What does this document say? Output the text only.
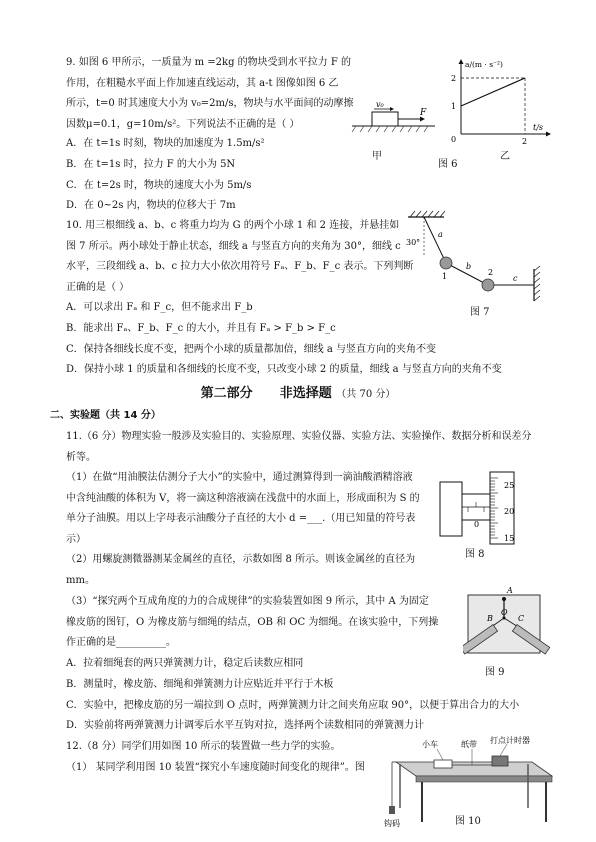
9. 如图 6 甲所示，一质量为 m =2kg 的物块受到水平拉力 F 的
作用，在粗糙水平面上作加速直线运动，其 a-t 图像如图 6 乙
所示，t=0 时其速度大小为 v₀=2m/s，物块与水平面间的动摩擦
因数μ=0.1，g=10m/s²。下列说法不正确的是（ ）
A．在 t=1s 时刻，物块的加速度为 1.5m/s²
B．在 t=1s 时，拉力 F 的大小为 5N
C．在 t=2s 时，物块的速度大小为 5m/s
D．在 0~2s 内，物块的位移大于 7m
v₀
F
甲
图 6
乙
a/(m · s⁻²)
t/s
2
1
0	2
10. 用三根细线 a、b、c 将重力均为 G 的两个小球 1 和 2 连接，并悬挂如
图 7 所示。两小球处于静止状态，细线 a 与竖直方向的夹角为 30°，细线 c
水平，三段细线 a、b、c 拉力大小依次用符号 Fₐ、F_b、F_c 表示。下列判断
正确的是（ ）
A．可以求出 Fₐ 和 F_c，但不能求出 F_b
B．能求出 Fₐ、F_b、F_c 的大小，并且有 Fₐ > F_b > F_c
C．保持各细线长度不变，把两个小球的质量都加倍，细线 a 与竖直方向的夹角不变
D．保持小球 1 的质量和各细线的长度不变，只改变小球 2 的质量，细线 a 与竖直方向的夹角不变
30°
a
b
c
1	2
图 7
第二部分      非选择题 （共 70 分）
二、实验题（共 14 分）
11.（6 分）物理实验一般涉及实验目的、实验原理、实验仪器、实验方法、实验操作、数据分析和误差分
析等。
（1）在做“用油膜法估测分子大小”的实验中，通过测算得到一滴油酸酒精溶液
中含纯油酸的体积为 V，将一滴这种溶液滴在浅盘中的水面上，形成面积为 S 的
单分子油膜。用以上字母表示油酸分子直径的大小 d =___.（用已知量的符号表
示）
（2）用螺旋测微器测某金属丝的直径，示数如图 8 所示。则该金属丝的直径为
mm。
（3）“探究两个互成角度的力的合成规律”的实验装置如图 9 所示，其中 A 为固定
橡皮筋的图钉，O 为橡皮筋与细绳的结点，OB 和 OC 为细绳。在该实验中，下列操
作正确的是__________。
A．拉着细绳套的两只弹簧测力计，稳定后读数应相同
B．测量时，橡皮筋、细绳和弹簧测力计应贴近并平行于木板
C．实验中，把橡皮筋的另一端拉到 O 点时，两弹簧测力计之间夹角应取 90°，以便于算出合力的大小
D．实验前将两弹簧测力计调零后水平互钩对拉，选择两个读数相同的弹簧测力计
25
20
15
0
图 8
A
B
O
C
图 9
12.（8 分）同学们用如图 10 所示的装置做一些力学的实验。
（1） 某同学利用图 10 装置“探究小车速度随时间变化的规律”。图
小车	纸带 打点计时器
钩码	图 10
